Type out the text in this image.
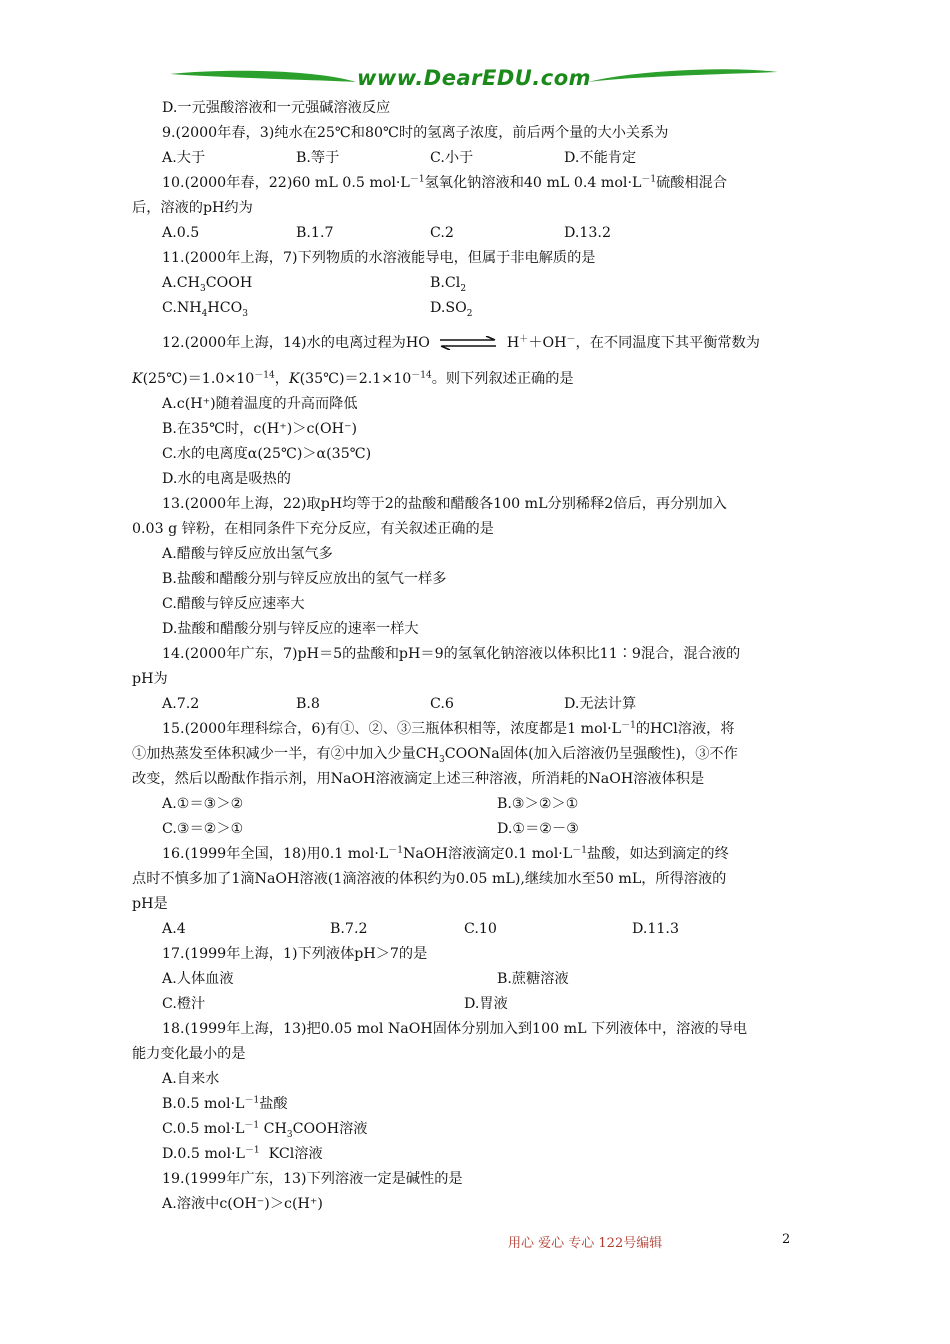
www.DearEDU.com
D.一元强酸溶液和一元强碱溶液反应
9.(2000年春，3)纯水在25℃和80℃时的氢离子浓度，前后两个量的大小关系为
A.大于	B.等于	C.小于	D.不能肯定
10.(2000年春，22)60 mL 0.5 $mol\cdot L^{-1}$氢氧化钠溶液和40 mL 0.4 $mol\cdot L^{-1}$硫酸相混合
后，溶液的pH约为
A.0.5	B.1.7	C.2	D.13.2
11.(2000年上海，7)下列物质的水溶液能导电，但属于非电解质的是
$A.CH_3COOH$	$B.Cl_2$
$C.NH_4HCO_3$	$D.SO_2$
12.(2000年上海，14)水的电离过程为HO	H＋＋OH－，在不同温度下其平衡常数为
$K(25℃)=1.0\times 10^{-14}$，$K(35℃)=2.1\times 10^{-14}$。则下列叙述正确的是
A.c(H⁺)随着温度的升高而降低
B.在35℃时，c(H⁺)＞c(OH⁻)
C.水的电离度α(25℃)＞α(35℃)
D.水的电离是吸热的
13.(2000年上海，22)取pH均等于2的盐酸和醋酸各100 mL分别稀释2倍后，再分别加入
0.03 g 锌粉，在相同条件下充分反应，有关叙述正确的是
A.醋酸与锌反应放出氢气多
B.盐酸和醋酸分别与锌反应放出的氢气一样多
C.醋酸与锌反应速率大
D.盐酸和醋酸分别与锌反应的速率一样大
14.(2000年广东，7)pH＝5的盐酸和pH＝9的氢氧化钠溶液以体积比11∶9混合，混合液的
pH为
A.7.2	B.8	C.6	D.无法计算
15.(2000年理科综合，6)有①、②、③三瓶体积相等，浓度都是1 $mol\cdot L^{-1}$的HCl溶液，将
①加热蒸发至体积减少一半，有②中加入少量$CH_3COONa$固体(加入后溶液仍呈强酸性)，③不作
改变，然后以酚酞作指示剂，用NaOH溶液滴定上述三种溶液，所消耗的NaOH溶液体积是
A.①＝③＞②	B.③＞②＞①
C.③＝②＞①	D.①＝②－③
16.(1999年全国，18)用0.1 $mol\cdot L^{-1}NaOH$溶液滴定0.1 $mol\cdot L^{-1}$盐酸，如达到滴定的终
点时不慎多加了1滴NaOH溶液(1滴溶液的体积约为0.05 mL),继续加水至50 mL，所得溶液的
pH是
A.4	B.7.2	C.10	D.11.3
17.(1999年上海，1)下列液体pH＞7的是
A.人体血液	B.蔗糖溶液
C.橙汁	D.胃液
18.(1999年上海，13)把0.05 mol NaOH固体分别加入到100 mL 下列液体中，溶液的导电
能力变化最小的是
A.自来水
B.0.5 $mol\cdot L^{-1}$盐酸
C.0.5 $mol\cdot L^{-1}$ $CH_3COOH$溶液
D.0.5 $mol\cdot L^{-1}$  KCl溶液
19.(1999年广东，13)下列溶液一定是碱性的是
A.溶液中c(OH⁻)＞c(H⁺)
用心 爱心 专心 122号编辑	2
